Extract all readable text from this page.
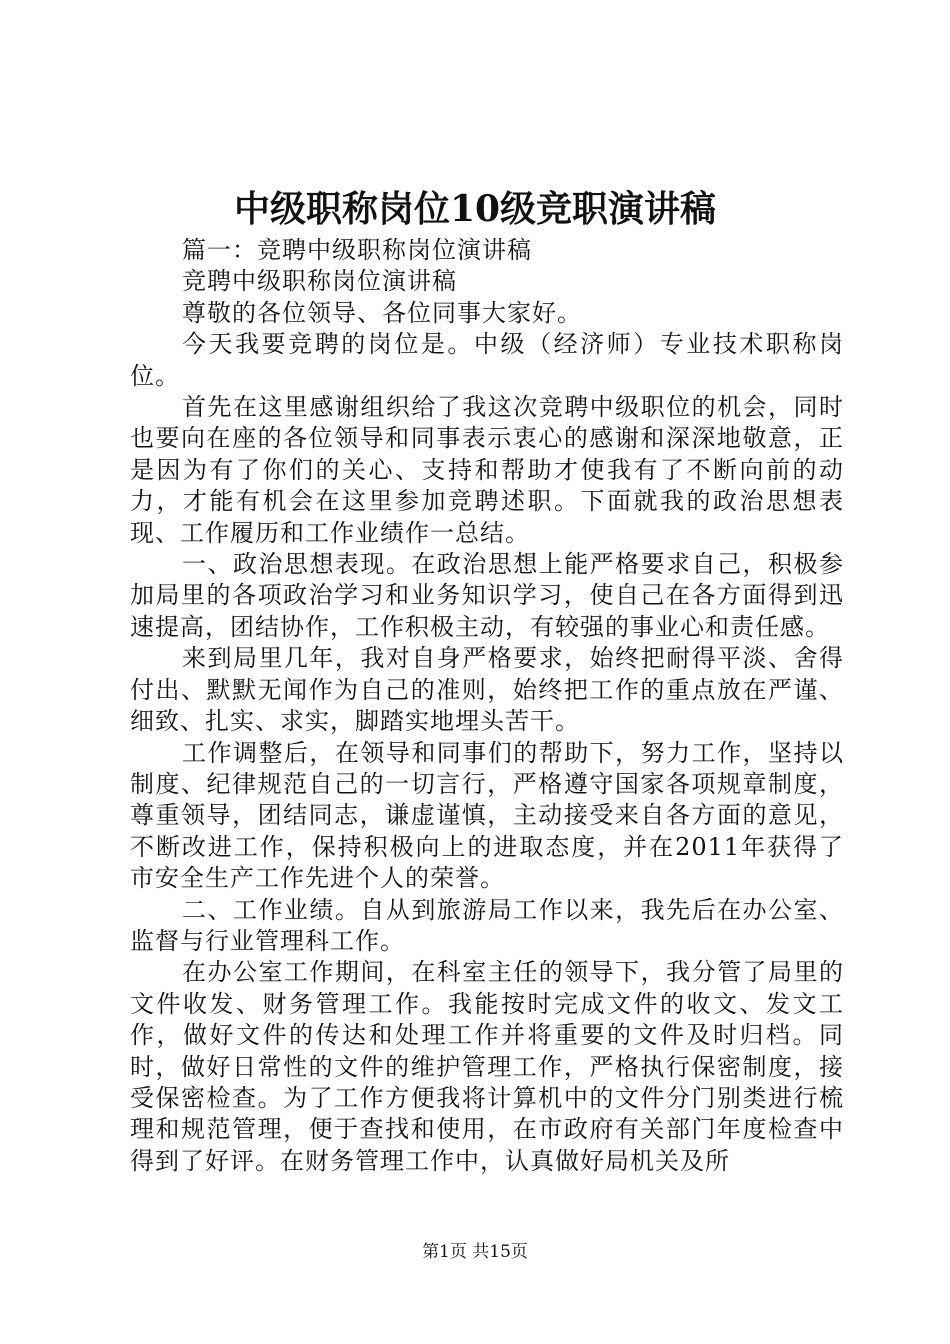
中级职称岗位10级竞职演讲稿

篇一：竞聘中级职称岗位演讲稿

竞聘中级职称岗位演讲稿

尊敬的各位领导、各位同事大家好。

今天我要竞聘的岗位是。中级（经济师）专业技术职称岗位。

首先在这里感谢组织给了我这次竞聘中级职位的机会，同时也要向在座的各位领导和同事表示衷心的感谢和深深地敬意，正是因为有了你们的关心、支持和帮助才使我有了不断向前的动力，才能有机会在这里参加竞聘述职。下面就我的政治思想表现、工作履历和工作业绩作一总结。

一、政治思想表现。在政治思想上能严格要求自己，积极参加局里的各项政治学习和业务知识学习，使自己在各方面得到迅速提高，团结协作，工作积极主动，有较强的事业心和责任感。

来到局里几年，我对自身严格要求，始终把耐得平淡、舍得付出、默默无闻作为自己的准则，始终把工作的重点放在严谨、细致、扎实、求实，脚踏实地埋头苦干。

工作调整后，在领导和同事们的帮助下，努力工作，坚持以制度、纪律规范自己的一切言行，严格遵守国家各项规章制度，尊重领导，团结同志，谦虚谨慎，主动接受来自各方面的意见，不断改进工作，保持积极向上的进取态度，并在2011年获得了市安全生产工作先进个人的荣誉。

二、工作业绩。自从到旅游局工作以来，我先后在办公室、监督与行业管理科工作。

在办公室工作期间，在科室主任的领导下，我分管了局里的文件收发、财务管理工作。我能按时完成文件的收文、发文工作，做好文件的传达和处理工作并将重要的文件及时归档。同时，做好日常性的文件的维护管理工作，严格执行保密制度，接受保密检查。为了工作方便我将计算机中的文件分门别类进行梳理和规范管理，便于查找和使用，在市政府有关部门年度检查中得到了好评。在财务管理工作中，认真做好局机关及所

第1页 共15页
